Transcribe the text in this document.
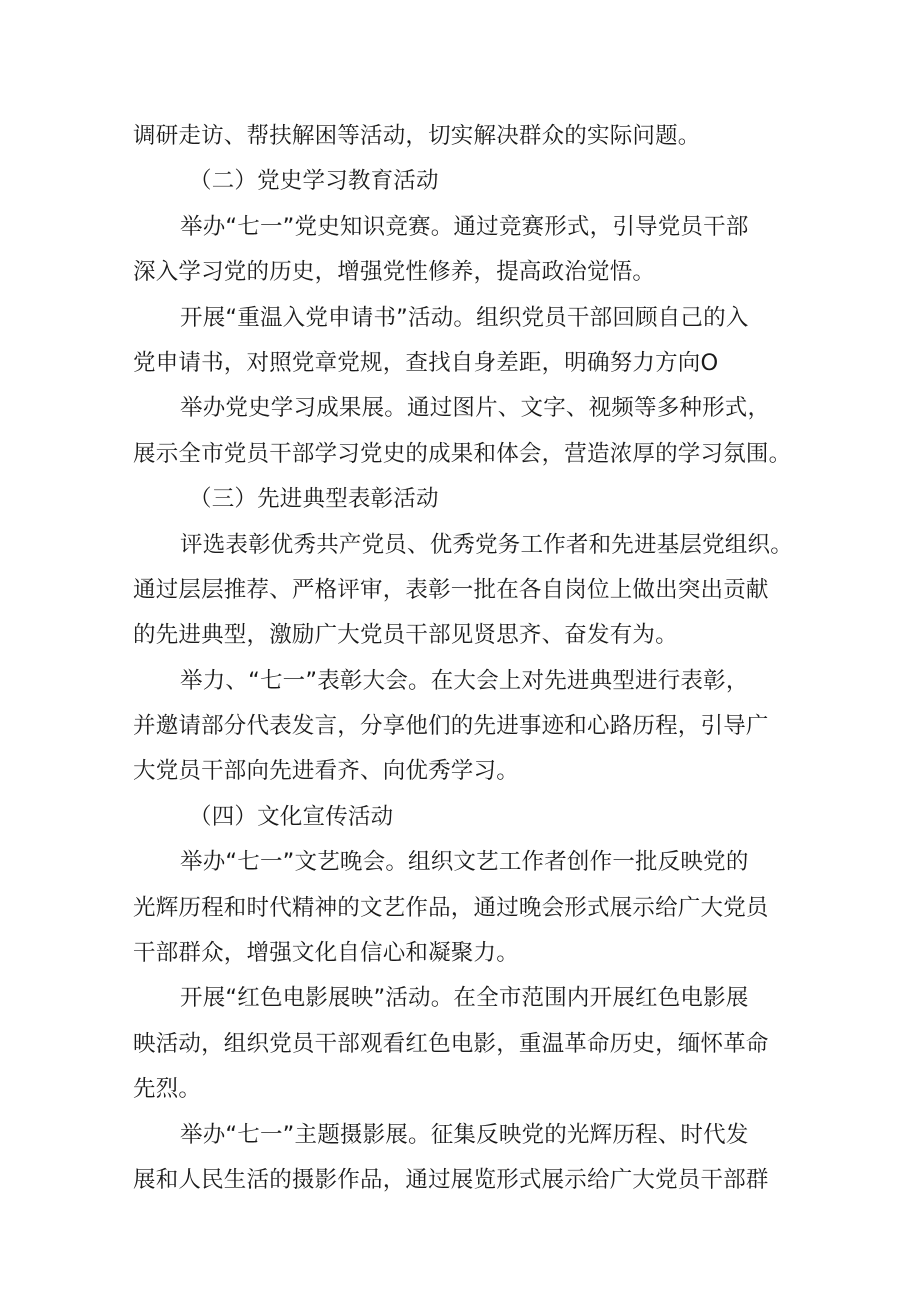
调研走访、帮扶解困等活动，切实解决群众的实际问题。
（二）党史学习教育活动
举办“七一”党史知识竞赛。通过竞赛形式，引导党员干部
深入学习党的历史，增强党性修养，提高政治觉悟。
开展“重温入党申请书”活动。组织党员干部回顾自己的入
党申请书，对照党章党规，查找自身差距，明确努力方向O
举办党史学习成果展。通过图片、文字、视频等多种形式，
展示全市党员干部学习党史的成果和体会，营造浓厚的学习氛围。
（三）先进典型表彰活动
评选表彰优秀共产党员、优秀党务工作者和先进基层党组织。
通过层层推荐、严格评审，表彰一批在各自岗位上做出突出贡献
的先进典型，激励广大党员干部见贤思齐、奋发有为。
举力、“七一”表彰大会。在大会上对先进典型进行表彰，
并邀请部分代表发言，分享他们的先进事迹和心路历程，引导广
大党员干部向先进看齐、向优秀学习。
（四）文化宣传活动
举办“七一”文艺晚会。组织文艺工作者创作一批反映党的
光辉历程和时代精神的文艺作品，通过晚会形式展示给广大党员
干部群众，增强文化自信心和凝聚力。
开展“红色电影展映”活动。在全市范围内开展红色电影展
映活动，组织党员干部观看红色电影，重温革命历史，缅怀革命
先烈。
举办“七一”主题摄影展。征集反映党的光辉历程、时代发
展和人民生活的摄影作品，通过展览形式展示给广大党员干部群
